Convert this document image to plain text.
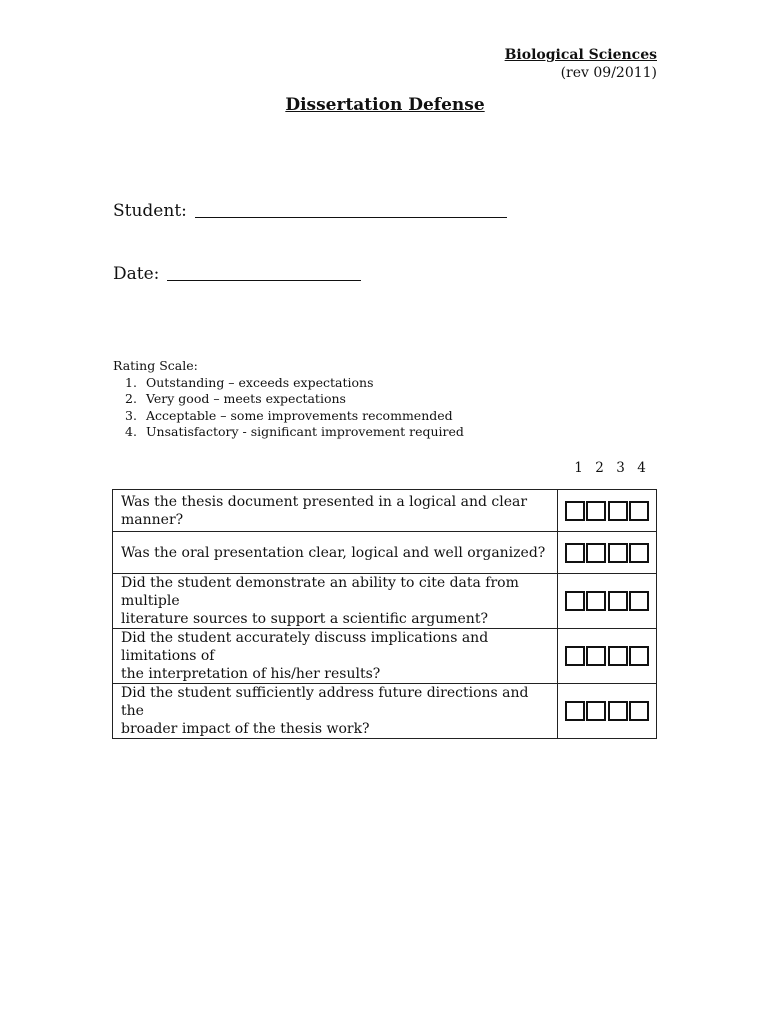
Biological Sciences
(rev 09/2011)
Dissertation Defense
Student:
Date:
Rating Scale:
1. Outstanding – exceeds expectations
2. Very good – meets expectations
3. Acceptable – some improvements recommended
4. Unsatisfactory - significant improvement required
1 2 3 4
Was the thesis document presented in a logical and clear manner?	

Was the oral presentation clear, logical and well organized?	

Did the student demonstrate an ability to cite data from multiple
literature sources to support a scientific argument?	

Did the student accurately discuss implications and limitations of
the interpretation of his/her results?	

Did the student sufficiently address future directions and the
broader impact of the thesis work?	
